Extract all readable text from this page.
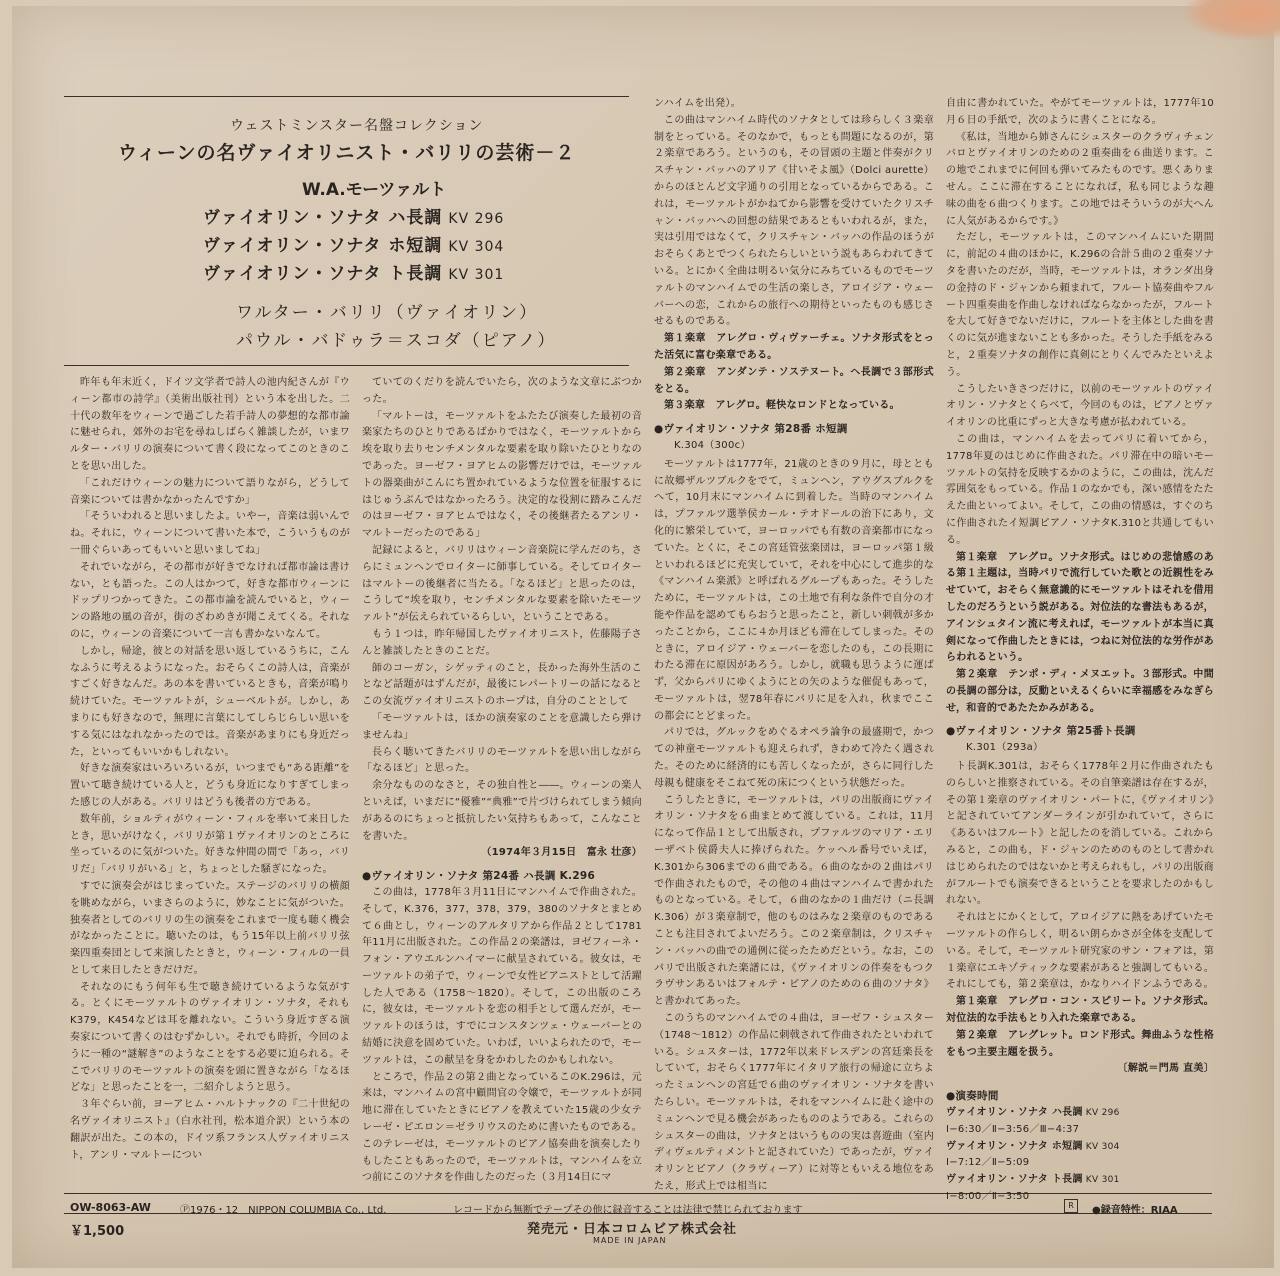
ウェストミンスター名盤コレクション
ウィーンの名ヴァイオリニスト・バリリの芸術－２
W.A.モーツァルト
ヴァイオリン・ソナタ ハ長調 KV 296
ヴァイオリン・ソナタ ホ短調 KV 304
ヴァイオリン・ソナタ ト長調 KV 301
ワルター・バリリ（ヴァイオリン）
パウル・バドゥラ＝スコダ（ピアノ）

昨年も年末近く，ドイツ文学者で詩人の池内紀さんが『ウィーン都市の詩学』（美術出版社刊）という本を出した。二十代の数年をウィーンで過ごした若手詩人の夢想的な都市論に魅せられ，郊外のお宅を尋ねしばらく雑談したが，いまワルター・バリリの演奏について書く段になってこのときのことを思い出した。

「これだけウィーンの魅力について語りながら，どうして音楽については書かなかったんですか」

「そういわれると思いましたよ。いやー，音楽は弱いんでね。それに，ウィーンについて書いた本で，こういうものが一冊ぐらいあってもいいと思いましてね」

それでいながら，その都市が好きでなければ都市論は書けない，とも語った。この人はかつて，好きな都市ウィーンにドップリつかってきた。この都市論を読んでいると，ウィーンの路地の風の音が，街のざわめきが聞こえてくる。それなのに，ウィーンの音楽について一言も書かないなんて。

しかし，帰途，彼との対話を思い返しているうちに，こんなふうに考えるようになった。おそらくこの詩人は，音楽がすごく好きなんだ。あの本を書いているときも，音楽が鳴り続けていた。モーツァルトが，シューベルトが。しかし，あまりにも好きなので，無理に言葉にしてしらじらしい思いをする気にはなれなかったのでは。音楽があまりにも身近だった，といってもいいかもしれない。

好きな演奏家はいろいろいるが，いつまでも“ある距離”を置いて聴き続けている人と，どうも身近になりすぎてしまった感じの人がある。バリリはどうも後者の方である。

数年前，ショルティがウィーン・フィルを率いて来日したとき，思いがけなく，バリリが第１ヴァイオリンのところに坐っているのに気がついた。好きな仲間の間で「あっ，バリリだ」「バリリがいる」と，ちょっとした騒ぎになった。

すでに演奏会がはじまっていた。ステージのバリリの横顔を眺めながら，いまさらのように，妙なことに気がついた。独奏者としてのバリリの生の演奏をこれまで一度も聴く機会がなかったことに。聴いたのは，もう15年以上前バリリ弦楽四重奏団として来演したときと，ウィーン・フィルの一員として来日したときだけだ。

それなのにもう何年も生で聴き続けているような気がする。とくにモーツァルトのヴァイオリン・ソナタ，それもK379，K454などは耳を離れない。こういう身近すぎる演奏家について書くのはむずかしい。それでも時折，今回のように一種の“謎解き”のようなことをする必要に迫られる。そこでバリリのモーツァルトの演奏を頭に置きながら「なるほどな」と思ったことを一，二紹介しようと思う。

３年ぐらい前，ヨーアヒム・ハルトナックの『二十世紀の名ヴァイオリニスト』（白水社刊，松本道介訳）という本の翻訳が出た。この本の，ドイツ系フランス人ヴァイオリニスト，アンリ・マルトーについ

ていてのくだりを読んでいたら，次のような文章にぶつかった。

「マルトーは，モーツァルトをふたたび演奏した最初の音楽家たちのひとりであるばかりではなく，モーツァルトから埃を取り去りセンチメンタルな要素を取り除いたひとりなのであった。ヨーゼフ・ヨアヒムの影響だけでは，モーツァルトの器楽曲がこんにち置かれているような位置を征服するにはじゅうぶんではなかったろう。決定的な役割に踏みこんだのはヨーゼフ・ヨアヒムではなく，その後継者たるアンリ・マルトーだったのである」

記録によると，バリリはウィーン音楽院に学んだのち，さらにミュンヘンでロイターに師事している。そしてロイターはマルトーの後継者に当たる。「なるほど」と思ったのは，こうして“埃を取り，センチメンタルな要素を除いたモーツァルト”が伝えられているらしい，ということである。

もう１つは，昨年帰国したヴァイオリニスト，佐藤陽子さんと雑談したときのことだ。

師のコーガン，シゲッティのこと，長かった海外生活のことなど話題がはずんだが，最後にレパートリーの話になるとこの女流ヴァイオリニストのホープは，自分のこととして

「モーツァルトは，ほかの演奏家のことを意識したら弾けませんね」

長らく聴いてきたバリリのモーツァルトを思い出しながら「なるほど」と思った。

余分なもののなさと，その独自性と――。ウィーンの楽人といえば，いまだに“優雅”“典雅”で片づけられてしまう傾向があるのにちょっと抵抗したい気持ちもあって，こんなことを書いた。

（1974年３月15日　富永 壮彦）

●ヴァイオリン・ソナタ 第24番 ハ長調 K.296

この曲は，1778年３月11日にマンハイムで作曲された。そして，K.376，377，378，379，380のソナタとまとめて６曲とし，ウィーンのアルタリアから作品２として1781年11月に出版された。この作品２の楽譜は，ヨゼフィーネ・フォン・アウエルンハイマーに献呈されている。彼女は，モーツァルトの弟子で，ウィーンで女性ピアニストとして活躍した人である（1758～1820）。そして，この出版のころに，彼女は，モーツァルトを恋の相手として選んだが，モーツァルトのほうは，すでにコンスタンツェ・ウェーバーとの結婚に決意を固めていた。いわば，いいよられたので，モーツァルトは，この献呈を身をかわしたのかもしれない。

ところで，作品２の第２曲となっているこのK.296は，元来は，マンハイムの宮中顧問官の令嬢で，モーツァルトが同地に滞在していたときにピアノを教えていた15歳の少女テレーゼ・ピエロン＝ゼラリウスのために書いたものである。このテレーゼは，モーツァルトのピアノ協奏曲を演奏したりもしたこともあったので，モーツァルトは，マンハイムを立つ前にこのソナタを作曲したのだった（３月14日にマ

ンハイムを出発）。

この曲はマンハイム時代のソナタとしては珍らしく３楽章制をとっている。そのなかで，もっとも問題になるのが，第２楽章であろう。というのも，その冒頭の主題と伴奏がクリスチャン・バッハのアリア《甘いそよ風》（Dolci aurette）からのほとんど文字通りの引用となっているからである。これは，モーツァルトがかねてから影響を受けていたクリスチャン・バッハへの回想の結果であるともいわれるが，また，実は引用ではなくて，クリスチャン・バッハの作品のほうがおそらくあとでつくられたらしいという説もあらわれてきている。とにかく全曲は明るい気分にみちているものでモーツァルトのマンハイムでの生活の楽しさ，アロイジア・ウェーバーへの恋，これからの旅行への期待といったものも感じさせるものである。

第１楽章　アレグロ・ヴィヴァーチェ。ソナタ形式をとった活気に富む楽章である。

第２楽章　アンダンテ・ソステヌート。ヘ長調で３部形式をとる。

第３楽章　アレグロ。軽快なロンドとなっている。

●ヴァイオリン・ソナタ 第28番 ホ短調

K.304（300c）

モーツァルトは1777年，21歳のときの９月に，母とともに故郷ザルツブルクをでて，ミュンヘン，アウグスブルクをへて，10月末にマンハイムに到着した。当時のマンハイムは，プファルツ選挙侯カール・テオドールの治下にあり，文化的に繁栄していて，ヨーロッパでも有数の音楽都市になっていた。とくに，そこの宮廷管弦楽団は，ヨーロッパ第１級といわれるほどに充実していて，それを中心にして進歩的な《マンハイム楽派》と呼ばれるグループもあった。そうしたために，モーツァルトは，この土地で有利な条件で自分の才能や作品を認めてもらおうと思ったこと，新しい刺戟が多かったことから，ここに４か月ほども滞在してしまった。そのときに，アロイジア・ウェーバーを恋したのも，この長期にわたる滞在に原因があろう。しかし，就職も思うように運ばず，父からパリにゆくようにとの矢のような催促もあって，モーツァルトは，翌78年春にパリに足を入れ，秋までここの都会にとどまった。

パリでは，グルックをめぐるオペラ論争の最盛期で，かつての神童モーツァルトも迎えられず，きわめて冷たく遇された。そのために経済的にも苦しくなったが，さらに同行した母親も健康をそこねて死の床につくという状態だった。

こうしたときに，モーツァルトは，パリの出版商にヴァイオリン・ソナタを６曲まとめて渡している。これは，11月になって作品１として出版され，プファルツのマリア・エリーザベト侯爵夫人に捧げられた。ケッヘル番号でいえば，K.301から306までの６曲である。６曲のなかの２曲はパリで作曲されたもので，その他の４曲はマンハイムで書かれたものとなっている。そして，６曲のなかの１曲だけ（ニ長調K.306）が３楽章制で，他のものはみな２楽章のものであることも注目されてよいだろう。この２楽章制は，クリスチャン・バッハの曲での通例に従ったためだという。なお，このパリで出版された楽譜には，《ヴァイオリンの伴奏をもつクラヴサンあるいはフォルテ・ピアノのための６曲のソナタ》と書かれてあった。

このうちのマンハイムでの４曲は，ヨーゼフ・シュスター（1748～1812）の作品に刺戟されて作曲されたといわれている。シュスターは，1772年以来ドレスデンの宮廷楽長をしていて，おそらく1777年にイタリア旅行の帰途に立ちよったミュンヘンの宮廷で６曲のヴァイオリン・ソナタを書いたらしい。モーツァルトは，それをマンハイムに赴く途中のミュンヘンで見る機会があったもののようである。これらのシュスターの曲は，ソナタとはいうものの実は喜遊曲（室内ディヴェルティメントと記されていた）であったが，ヴァイオリンとピアノ（クラヴィーア）に対等ともいえる地位をあたえ，形式上では相当に

自由に書かれていた。やがてモーツァルトは，1777年10月６日の手紙で，次のように書くことになる。

《私は，当地から姉さんにシュスターのクラヴィチェンバロとヴァイオリンのための２重奏曲を６曲送ります。この地でこれまでに何回も弾いてみたものです。悪くありません。ここに滞在することになれば，私も同じような趣味の曲を６曲つくります。この地ではそういうのが大へんに人気があるからです。》

ただし，モーツァルトは，このマンハイムにいた期間に，前記の４曲のほかに，K.296の合計５曲の２重奏ソナタを書いたのだが，当時，モーツァルトは，オランダ出身の金持のド・ジャンから頼まれて，フルート協奏曲やフルート四重奏曲を作曲しなければならなかったが，フルートを大して好きでないだけに，フルートを主体とした曲を書くのに気が進まないことも多かった。そうした手紙をみると，２重奏ソナタの創作に真剣にとりくんでみたといえよう。

こうしたいきさつだけに，以前のモーツァルトのヴァイオリン・ソナタとくらべて，今回のものは，ピアノとヴァイオリンの比重にずっと大きな考慮が払われている。

この曲は，マンハイムを去ってパリに着いてから，1778年夏のはじめに作曲された。パリ滞在中の暗いモーツァルトの気持を反映するかのように，この曲は，沈んだ雰囲気をもっている。作品１のなかでも，深い感情をたたえた曲といってよい。そして，この曲の情感は，すぐのちに作曲されたイ短調ピアノ・ソナタK.310と共通してもいる。

第１楽章　アレグロ。ソナタ形式。はじめの悲愴感のある第１主題は，当時パリで流行していた歌との近親性をみせていて，おそらく無意識的にモーツァルトはそれを借用したのだろうという説がある。対位法的な書法もあるが，アインシュタイン流に考えれば，モーツァルトが本当に真剣になって作曲したときには，つねに対位法的な労作があらわれるという。

第２楽章　テンポ・ディ・メヌエット。３部形式。中間の長調の部分は，反動といえるくらいに幸福感をみなぎらせ，和音的であたたかみがある。

●ヴァイオリン・ソナタ 第25番ト長調

K.301（293a）

ト長調K.301は，おそらく1778年２月に作曲されたものらしいと推察されている。その自筆楽譜は存在するが，その第１楽章のヴァイオリン・パートに，《ヴァイオリン》と記されていてアンダーラインが引かれていて，さらに《あるいはフルート》と記したのを消している。これからみると，この曲も，ド・ジャンのためのものとして書かれはじめられたのではないかと考えられもし，パリの出版商がフルートでも演奏できるということを要求したのかもしれない。

それはとにかくとして，アロイジアに熱をあげていたモーツァルトの作らしく，明るい朗らかさが全体を支配している。そして，モーツァルト研究家のサン・フォアは，第１楽章にエキゾティックな要素があると強調してもいる。それにしても，第２楽章は，かなりハイドンふうである。

第１楽章　アレグロ・コン・スピリート。ソナタ形式。対位法的な手法もとり入れた楽章である。

第２楽章　アレグレット。ロンド形式。舞曲ふうな性格をもつ主要主題を扱う。

〔解説＝門馬 直美〕

●演奏時間
ヴァイオリン・ソナタ ハ長調 KV 296
Ⅰ−6:30／Ⅱ−3:56／Ⅲ−4:37
ヴァイオリン・ソナタ ホ短調 KV 304
Ⅰ−7:12／Ⅱ−5:09
ヴァイオリン・ソナタ ト長調 KV 301
Ⅰ−8:00／Ⅱ−3:50
OW-8063-AW
￥1,500
Ⓟ1976・12　NIPPON COLUMBIA Co., Ltd.	レコードから無断でテープその他に録音することは法律で禁じられております	R	●録音特性：RIAA
発売元・日本コロムビア株式会社
MADE IN JAPAN
